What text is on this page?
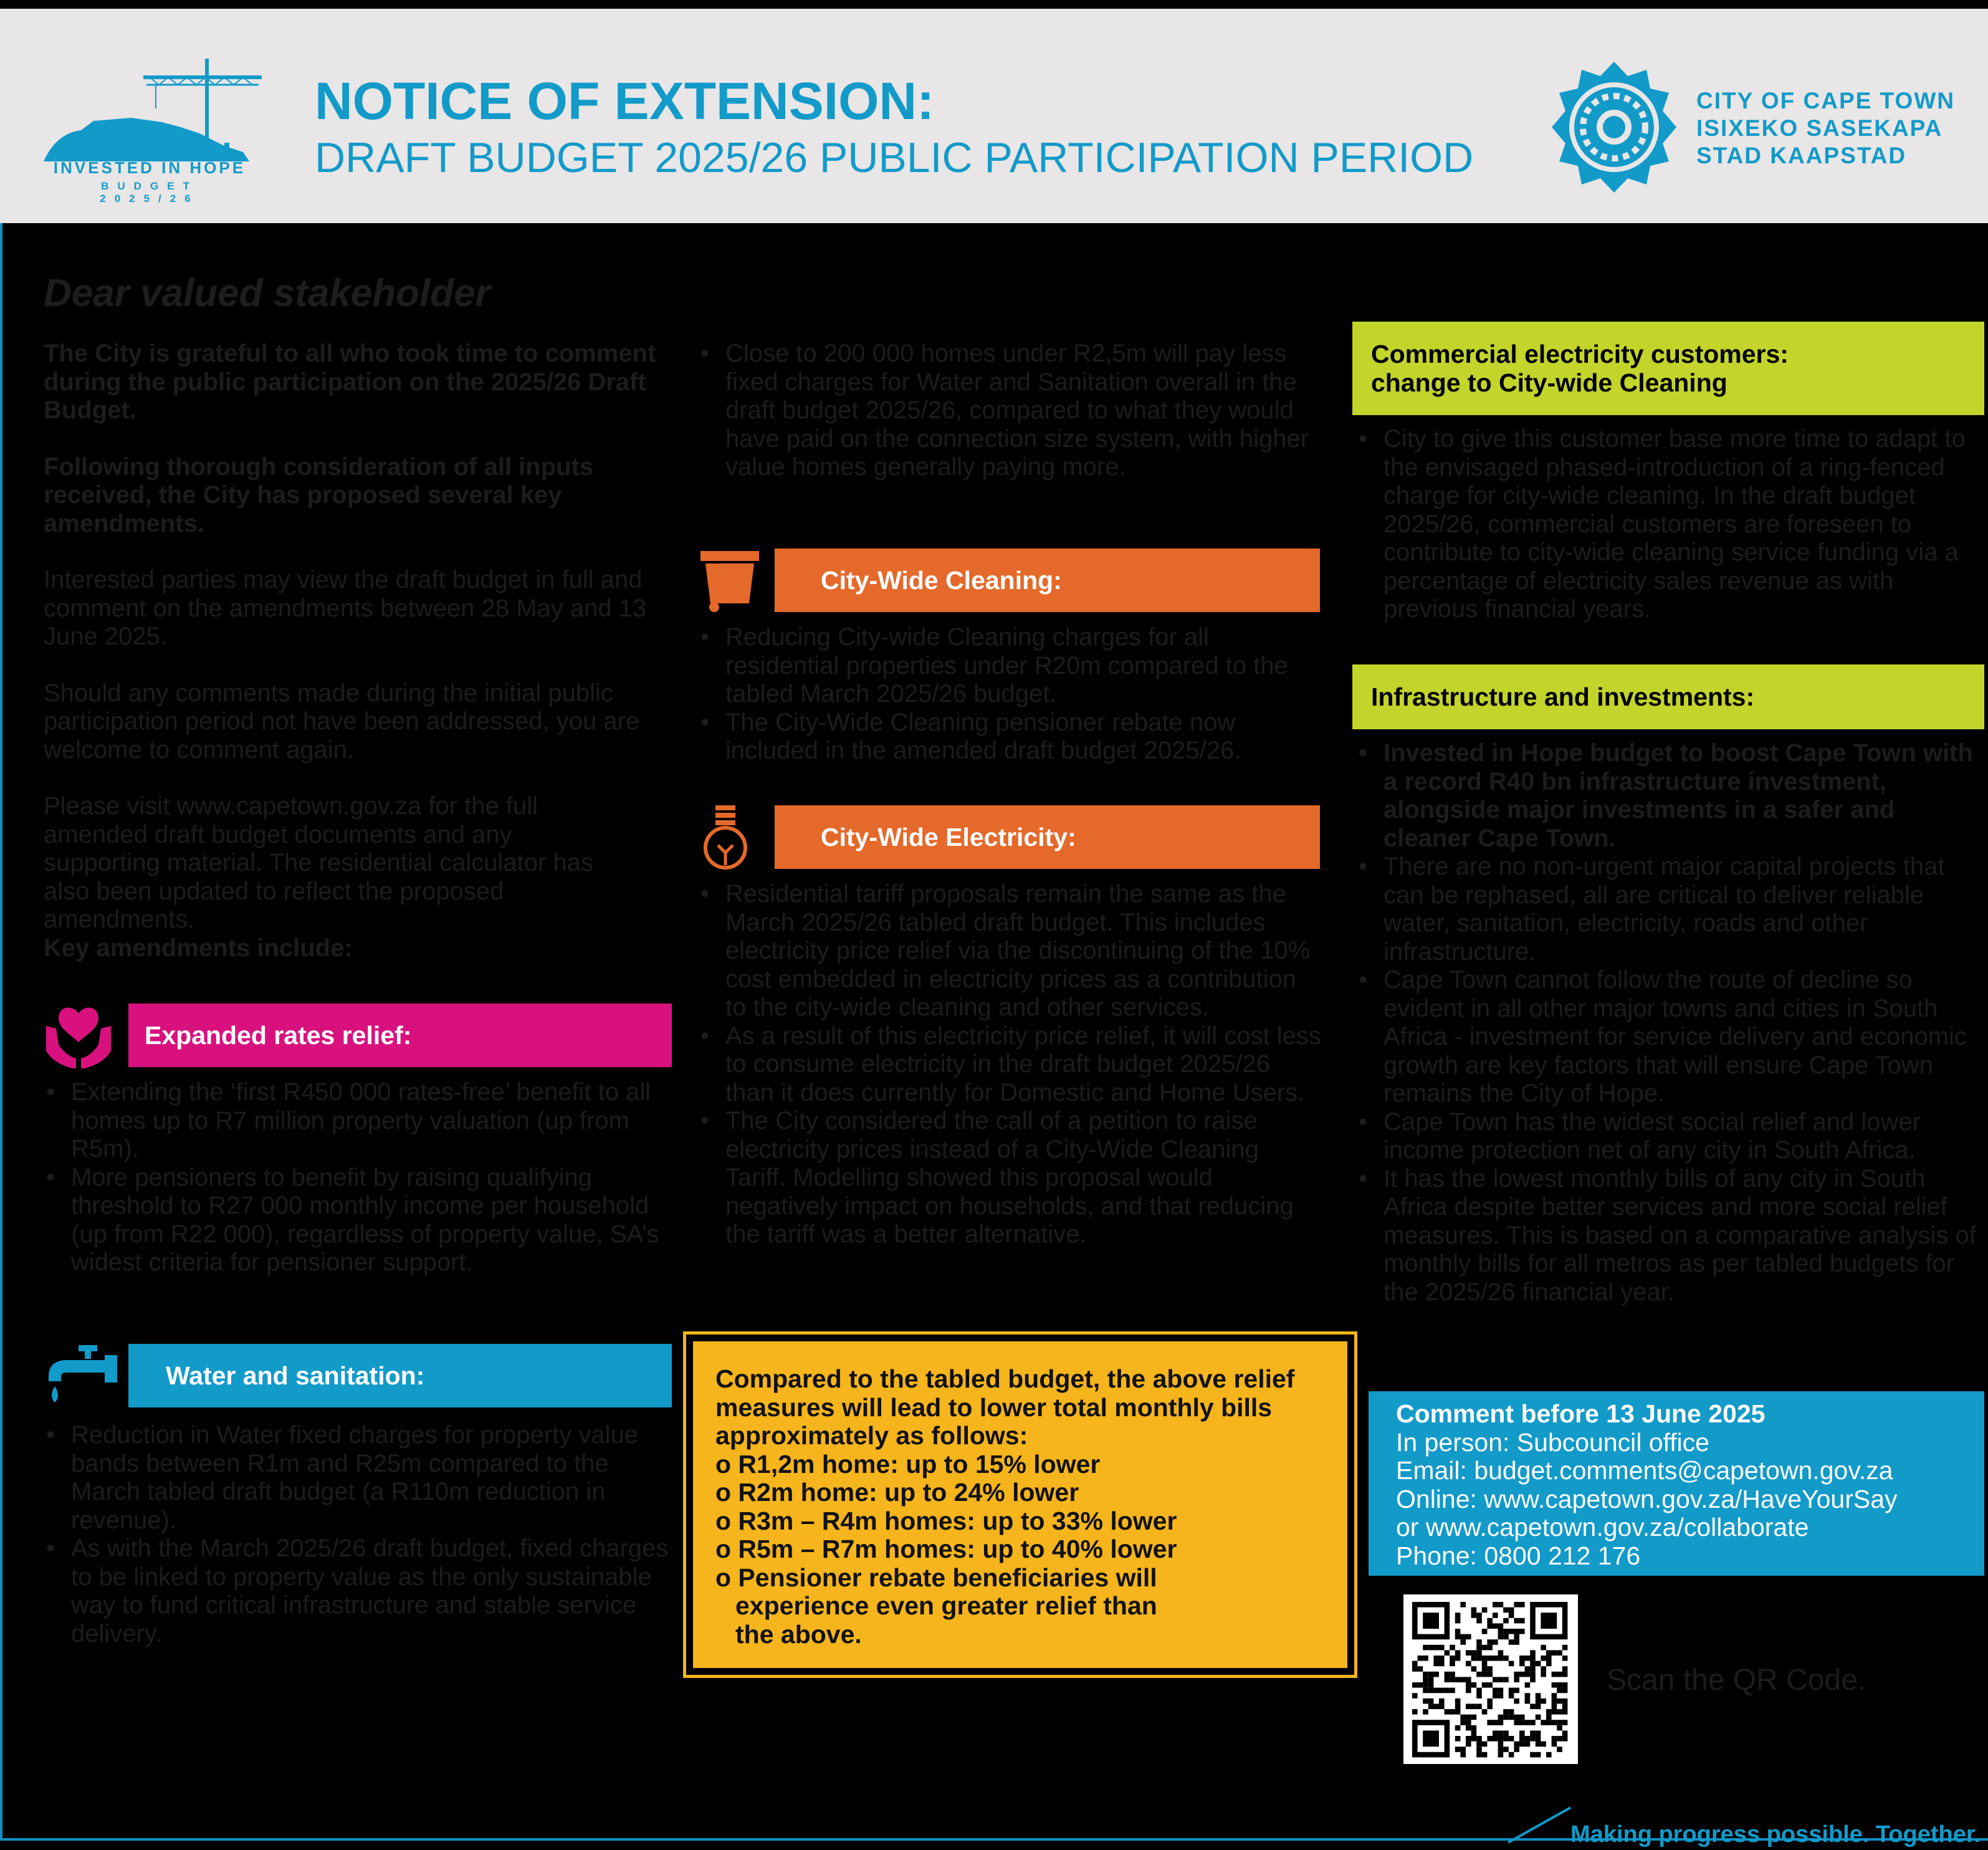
INVESTED IN HOPE
BUDGET 2025/26
NOTICE OF EXTENSION:
DRAFT BUDGET 2025/26 PUBLIC PARTICIPATION PERIOD
CITY OF CAPE TOWN
ISIXEKO SASEKAPA
STAD KAAPSTAD
Dear valued stakeholder

The City is grateful to all who took time to comment during the public participation on the 2025/26 Draft Budget.

Following thorough consideration of all inputs received, the City has proposed several key amendments.

Interested parties may view the draft budget in full and comment on the amendments between 28 May and 13 June 2025.

Should any comments made during the initial public participation period not have been addressed, you are welcome to comment again.

Please visit www.capetown.gov.za for the full amended draft budget documents and any supporting material. The residential calculator has also been updated to reflect the proposed amendments.

Key amendments include:
Expanded rates relief:
• Extending the ‘first R450 000 rates-free’ benefit to all homes up to R7 million property valuation (up from R5m).
• More pensioners to benefit by raising qualifying threshold to R27 000 monthly income per household (up from R22 000), regardless of property value, SA’s widest criteria for pensioner support.
Water and sanitation:
• Reduction in Water fixed charges for property value bands between R1m and R25m compared to the March tabled draft budget (a R110m reduction in revenue).
• As with the March 2025/26 draft budget, fixed charges to be linked to property value as the only sustainable way to fund critical infrastructure and stable service delivery.
• Close to 200 000 homes under R2,5m will pay less fixed charges for Water and Sanitation overall in the draft budget 2025/26, compared to what they would have paid on the connection size system, with higher value homes generally paying more.
City-Wide Cleaning:
• Reducing City-wide Cleaning charges for all residential properties under R20m compared to the tabled March 2025/26 budget.
• The City-Wide Cleaning pensioner rebate now included in the amended draft budget 2025/26.
City-Wide Electricity:
• Residential tariff proposals remain the same as the March 2025/26 tabled draft budget. This includes electricity price relief via the discontinuing of the 10% cost embedded in electricity prices as a contribution to the city-wide cleaning and other services.
• As a result of this electricity price relief, it will cost less to consume electricity in the draft budget 2025/26 than it does currently for Domestic and Home Users.
• The City considered the call of a petition to raise electricity prices instead of a City-Wide Cleaning Tariff. Modelling showed this proposal would negatively impact on households, and that reducing the tariff was a better alternative.
Compared to the tabled budget, the above relief measures will lead to lower total monthly bills approximately as follows:
o R1,2m home: up to 15% lower
o R2m home: up to 24% lower
o R3m – R4m homes: up to 33% lower
o R5m – R7m homes: up to 40% lower
o Pensioner rebate beneficiaries will
experience even greater relief than
the above.
Commercial electricity customers:
change to City-wide Cleaning
• City to give this customer base more time to adapt to the envisaged phased-introduction of a ring-fenced charge for city-wide cleaning. In the draft budget 2025/26, commercial customers are foreseen to contribute to city-wide cleaning service funding via a percentage of electricity sales revenue as with previous financial years.
Infrastructure and investments:
• Invested in Hope budget to boost Cape Town with a record R40 bn infrastructure investment, alongside major investments in a safer and cleaner Cape Town.
• There are no non-urgent major capital projects that can be rephased, all are critical to deliver reliable water, sanitation, electricity, roads and other infrastructure.
• Cape Town cannot follow the route of decline so evident in all other major towns and cities in South Africa - investment for service delivery and economic growth are key factors that will ensure Cape Town remains the City of Hope.
• Cape Town has the widest social relief and lower income protection net of any city in South Africa.
• It has the lowest monthly bills of any city in South Africa despite better services and more social relief measures. This is based on a comparative analysis of monthly bills for all metros as per tabled budgets for the 2025/26 financial year.
Comment before 13 June 2025
In person: Subcouncil office
Email: budget.comments@capetown.gov.za
Online: www.capetown.gov.za/HaveYourSay
or www.capetown.gov.za/collaborate
Phone: 0800 212 176
Scan the QR Code.
Making progress possible. Together.
